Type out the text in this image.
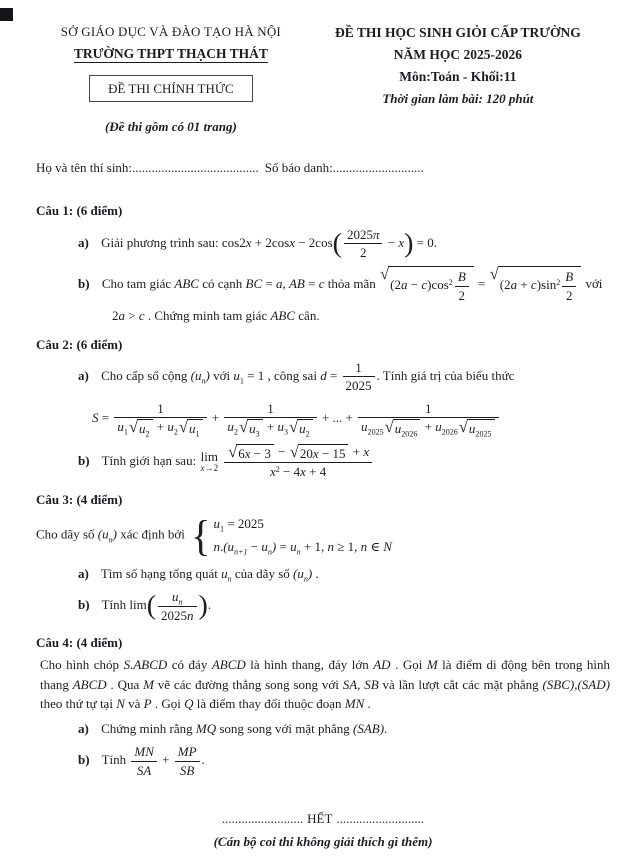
SỞ GIÁO DỤC VÀ ĐÀO TẠO HÀ NỘI
TRƯỜNG THPT THẠCH THÁT
ĐỀ THI CHÍNH THỨC
(Đề thi gồm có 01 trang)
ĐỀ THI HỌC SINH GIỎI CẤP TRƯỜNG
NĂM HỌC 2025-2026
Môn:Toán - Khối:11
Thời gian làm bài: 120 phút
Họ và tên thí sinh:....................................... Số báo danh:............................
Câu 1: (6 điểm)
a) Giải phương trình sau: $\cos 2x + 2\cos x - 2\cos( \frac{2025\pi}{2} - x) = 0$.
b) Cho tam giác ABC có cạnh BC = a, AB = c thỏa mãn
√
$(2a - c)\cos^2 \frac{B}{2}$ =
√
$(2a + c)\sin^2 \frac{B}{2}$ với
2a > c . Chứng minh tam giác ABC cân.
Câu 2: (6 điểm)
a) Cho cấp số cộng $(u_n)$ với $u_1 = 1$ , công sai $d = \frac{1}{2025}$ . Tính giá trị của biểu thức
S = 1
$u_1$ √ $u_2$
+ $u_2$ √ $u_1 + 1$
$u_2$ √ $u_3$
+ $u_3$ √ $u_2$ + ... + 1
$u_{2025}$ √ $u_{2026}$
+ $u_{2026}$ √ $u_{2025}$
b) Tính giới hạn sau: lim
$x\to 2 \frac{√ 6x - 3 - √ 20x - 15 + x}{x^2 - 4x + 4}$
Câu 3: (4 điểm)
Cho dãy số $(u_n)$ xác định bởi { $u_1 = 2025$
$n.(u_{n+1} - u_n) = u_n + 1$, n ≥ 1, n ∈ N
a) Tìm số hạng tổng quát $u_n$ của dãy số $(u_n)$ .
b) Tính $\lim( \frac{u_n}{2025n}$ ).
Câu 4: (4 điểm)
Cho hình chóp S.ABCD có đáy ABCD là hình thang, đáy lớn AD . Gọi M là điểm di động bên trong hình thang ABCD . Qua M vẽ các đường thẳng song song với SA, SB và lần lượt cắt các mặt phẳng (SBC),(SAD) theo thứ tự tại N và P . Gọi Q là điểm thay đổi thuộc đoạn MN .
a) Chứng minh rằng MQ song song với mặt phẳng (SAB).
b) Tính $\frac{MN}{SA} + \frac{MP}{SB}$ .
......................... HẾT ...........................
(Cán bộ coi thi không giải thích gì thêm)
